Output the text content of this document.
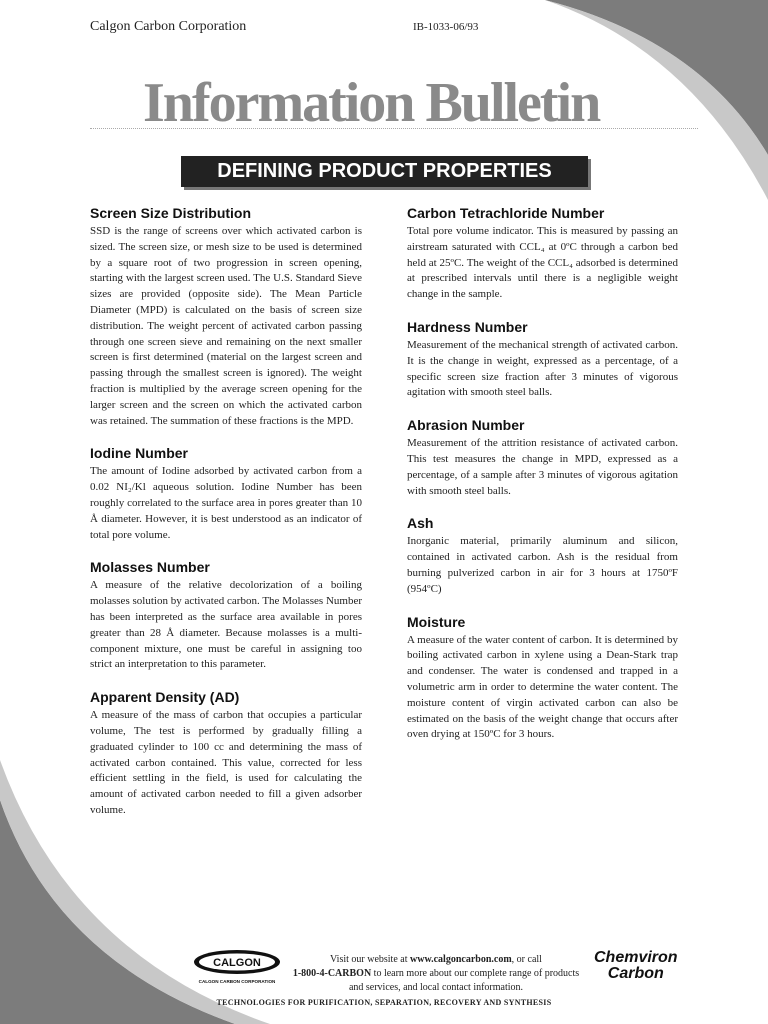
Calgon Carbon Corporation	IB-1033-06/93
Information Bulletin
DEFINING PRODUCT PROPERTIES
Screen Size Distribution

SSD is the range of screens over which activated carbon is sized. The screen size, or mesh size to be used is determined by a square root of two progression in screen opening, starting with the largest screen used. The U.S. Standard Sieve sizes are provided (opposite side). The Mean Particle Diameter (MPD) is calculated on the basis of screen size distribution. The weight percent of activated carbon passing through one screen sieve and remaining on the next smaller screen is first determined (material on the largest screen and passing through the smallest screen is ignored). The weight fraction is multiplied by the average screen opening for the larger screen and the screen on which the activated carbon was retained. The summation of these fractions is the MPD.

Iodine Number

The amount of Iodine adsorbed by activated carbon from a 0.02 NI₂/Kl aqueous solution. Iodine Number has been roughly correlated to the surface area in pores greater than 10 Å diameter. However, it is best understood as an indicator of total pore volume.

Molasses Number

A measure of the relative decolorization of a boiling molasses solution by activated carbon. The Molasses Number has been interpreted as the surface area available in pores greater than 28 Å diameter. Because molasses is a multi-component mixture, one must be careful in assigning too strict an interpretation to this parameter.

Apparent Density (AD)

A measure of the mass of carbon that occupies a particular volume, The test is performed by gradually filling a graduated cylinder to 100 cc and determining the mass of activated carbon contained. This value, corrected for less efficient settling in the field, is used for calculating the amount of activated carbon needed to fill a given adsorber volume.

Carbon Tetrachloride Number

Total pore volume indicator. This is measured by passing an airstream saturated with CCL₄ at 0ºC through a carbon bed held at 25ºC. The weight of the CCL₄ adsorbed is determined at prescribed intervals until there is a negligible weight change in the sample.

Hardness Number

Measurement of the mechanical strength of activated carbon. It is the change in weight, expressed as a percentage, of a specific screen size fraction after 3 minutes of vigorous agitation with smooth steel balls.

Abrasion Number

Measurement of the attrition resistance of activated carbon. This test measures the change in MPD, expressed as a percentage, of a sample after 3 minutes of vigorous agitation with smooth steel balls.

Ash

Inorganic material, primarily aluminum and silicon, contained in activated carbon. Ash is the residual from burning pulverized carbon in air for 3 hours at 1750ºF (954ºC)

Moisture

A measure of the water content of carbon. It is determined by boiling activated carbon in xylene using a Dean-Stark trap and condenser. The water is condensed and trapped in a volumetric arm in order to determine the water content. The moisture content of virgin activated carbon can also be estimated on the basis of the weight change that occurs after oven drying at 150ºC for 3 hours.

CALGON
CALGON CARBON CORPORATION
Visit our website at www.calgoncarbon.com, or call
1-800-4-CARBON to learn more about our complete range of products and services, and local contact information.
Chemviron
Carbon
TECHNOLOGIES FOR PURIFICATION, SEPARATION, RECOVERY AND SYNTHESIS
